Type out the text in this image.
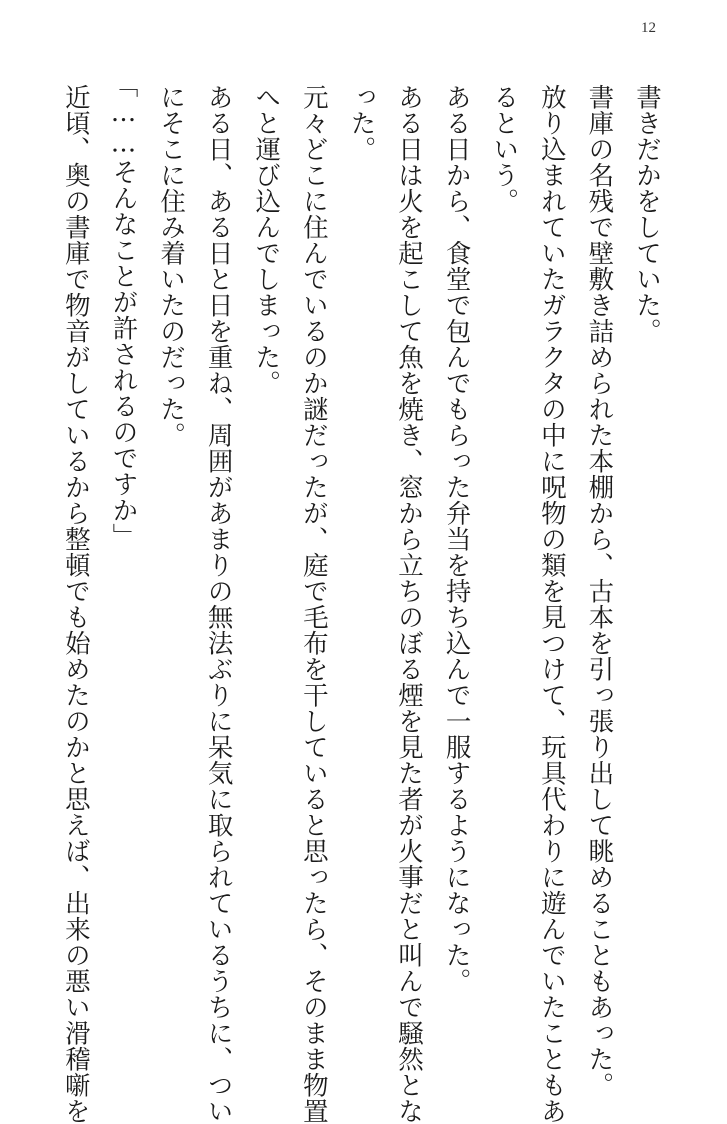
12
書きだかをしていた。
書庫の名残で壁敷き詰められた本棚から、古本を引っ張り出して眺めることもあった。
放り込まれていたガラクタの中に呪物の類を見つけて、玩具代わりに遊んでいたこともあ
るという。
ある日から、食堂で包んでもらった弁当を持ち込んで一服するようになった。
ある日は火を起こして魚を焼き、窓から立ちのぼる煙を見た者が火事だと叫んで騒然とな
った。
元々どこに住んでいるのか謎だったが、庭で毛布を干していると思ったら、そのまま物置
へと運び込んでしまった。
ある日、ある日と日を重ね、周囲があまりの無法ぶりに呆気に取られているうちに、つい
にそこに住み着いたのだった。
「……そんなことが許されるのですか」
近頃、奥の書庫で物音がしているから整頓でも始めたのかと思えば、出来の悪い滑稽噺を
